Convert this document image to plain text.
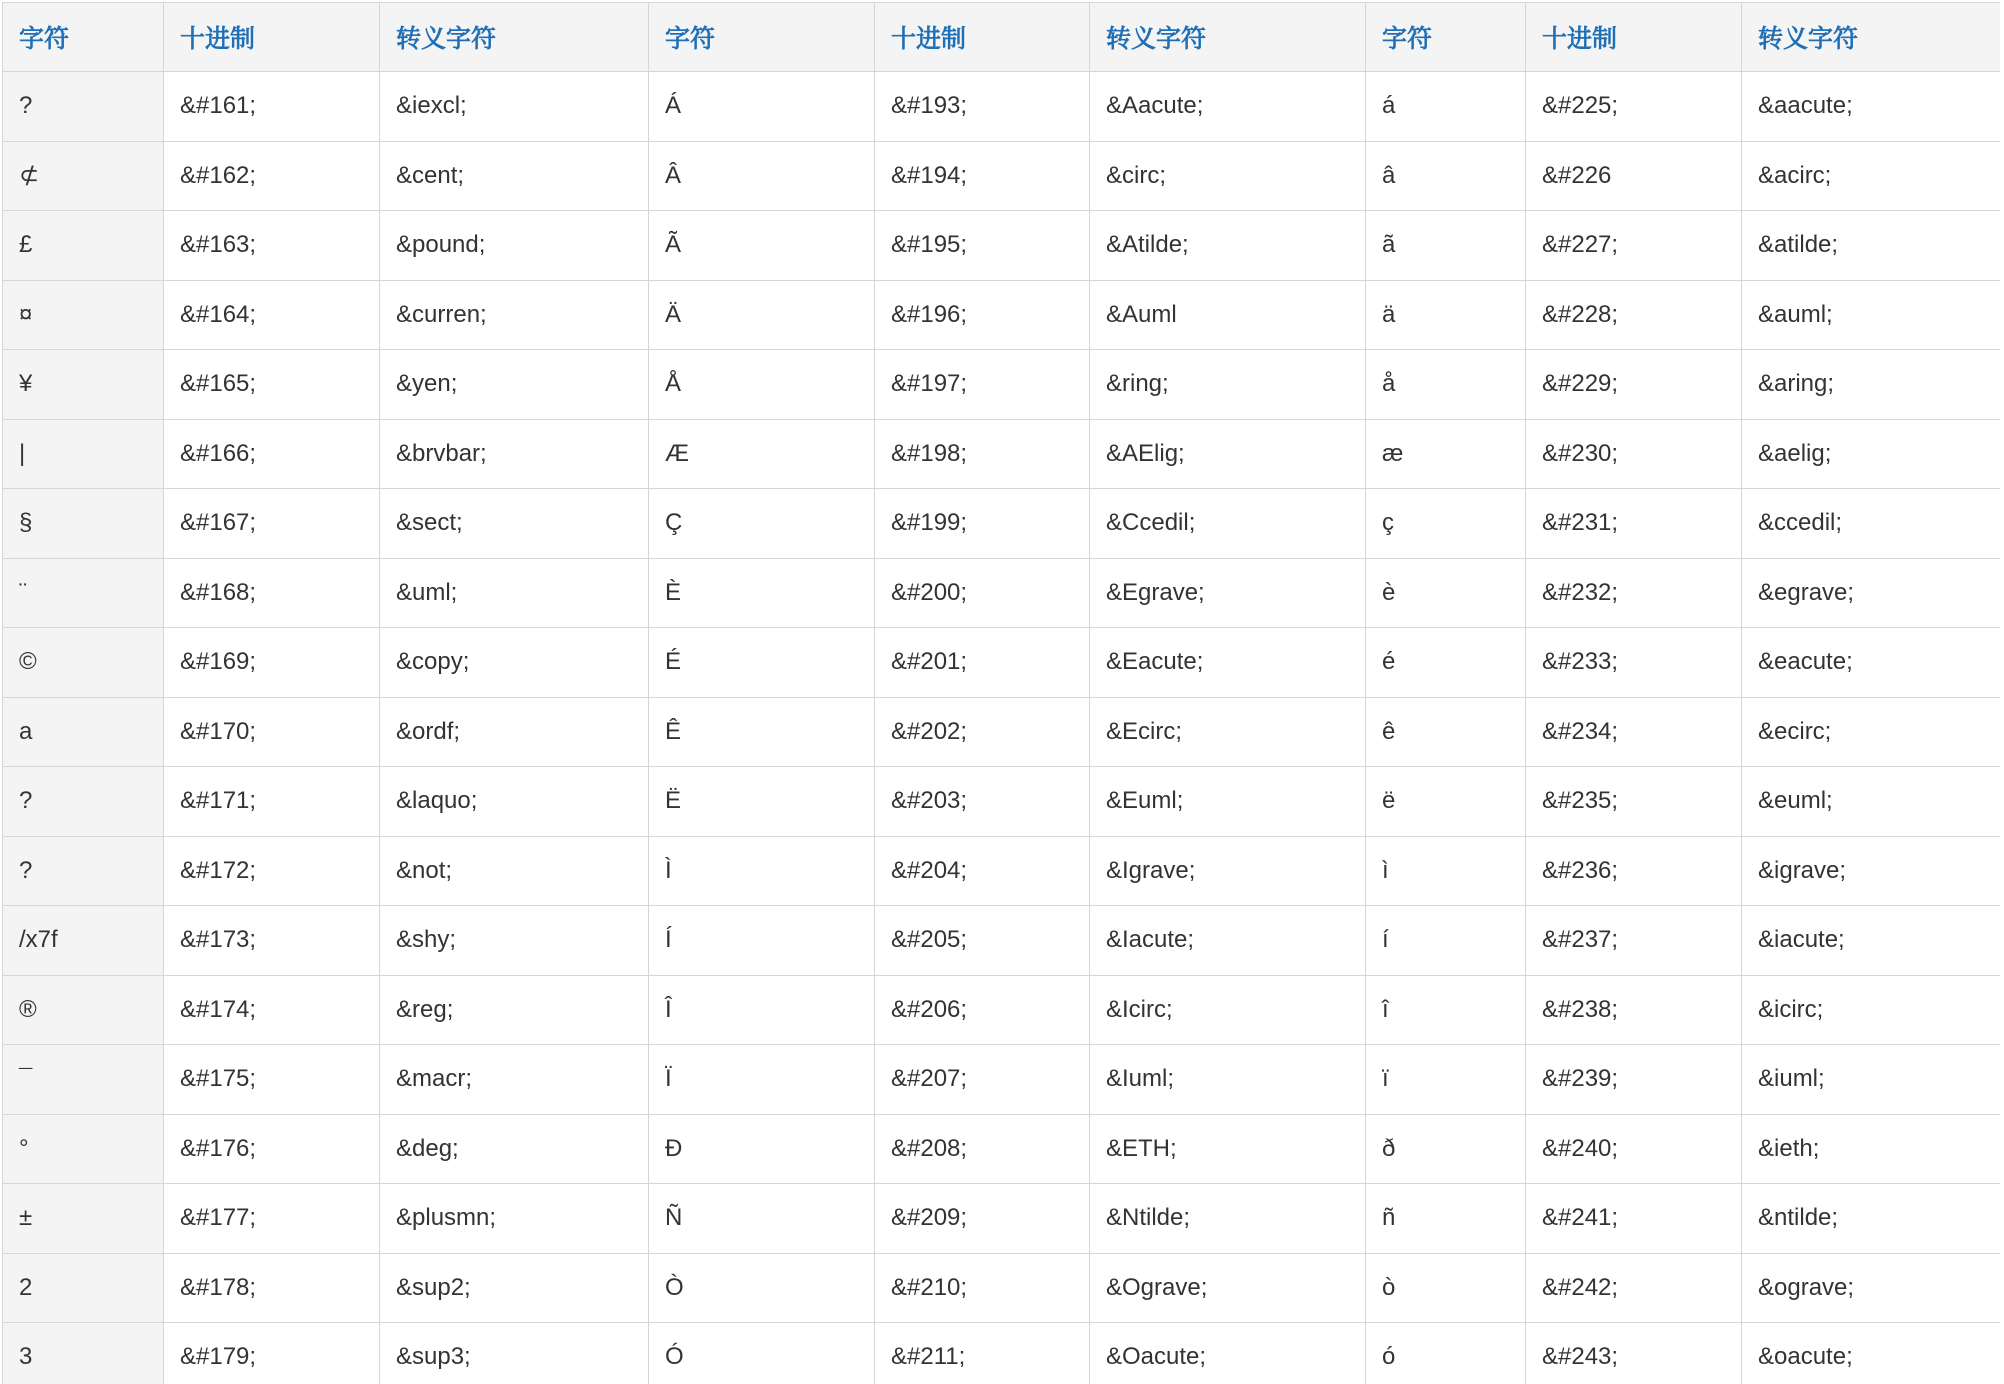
字符	十进制	转义字符	字符	十进制	转义字符	字符	十进制	转义字符
?	&#161;	&iexcl;	Á	&#193;	&Aacute;	á	&#225;	&aacute;
⊄	&#162;	&cent;	Â	&#194;	&circ;	â	&#226	&acirc;
£	&#163;	&pound;	Ã	&#195;	&Atilde;	ã	&#227;	&atilde;
¤	&#164;	&curren;	Ä	&#196;	&Auml	ä	&#228;	&auml;
¥	&#165;	&yen;	Å	&#197;	&ring;	å	&#229;	&aring;
|	&#166;	&brvbar;	Æ	&#198;	&AElig;	æ	&#230;	&aelig;
§	&#167;	&sect;	Ç	&#199;	&Ccedil;	ç	&#231;	&ccedil;
¨	&#168;	&uml;	È	&#200;	&Egrave;	è	&#232;	&egrave;
©	&#169;	&copy;	É	&#201;	&Eacute;	é	&#233;	&eacute;
a	&#170;	&ordf;	Ê	&#202;	&Ecirc;	ê	&#234;	&ecirc;
?	&#171;	&laquo;	Ë	&#203;	&Euml;	ë	&#235;	&euml;
?	&#172;	&not;	Ì	&#204;	&Igrave;	ì	&#236;	&igrave;
/x7f	&#173;	&shy;	Í	&#205;	&Iacute;	í	&#237;	&iacute;
®	&#174;	&reg;	Î	&#206;	&Icirc;	î	&#238;	&icirc;
¯	&#175;	&macr;	Ï	&#207;	&Iuml;	ï	&#239;	&iuml;
°	&#176;	&deg;	Ð	&#208;	&ETH;	ð	&#240;	&ieth;
±	&#177;	&plusmn;	Ñ	&#209;	&Ntilde;	ñ	&#241;	&ntilde;
2	&#178;	&sup2;	Ò	&#210;	&Ograve;	ò	&#242;	&ograve;
3	&#179;	&sup3;	Ó	&#211;	&Oacute;	ó	&#243;	&oacute;
